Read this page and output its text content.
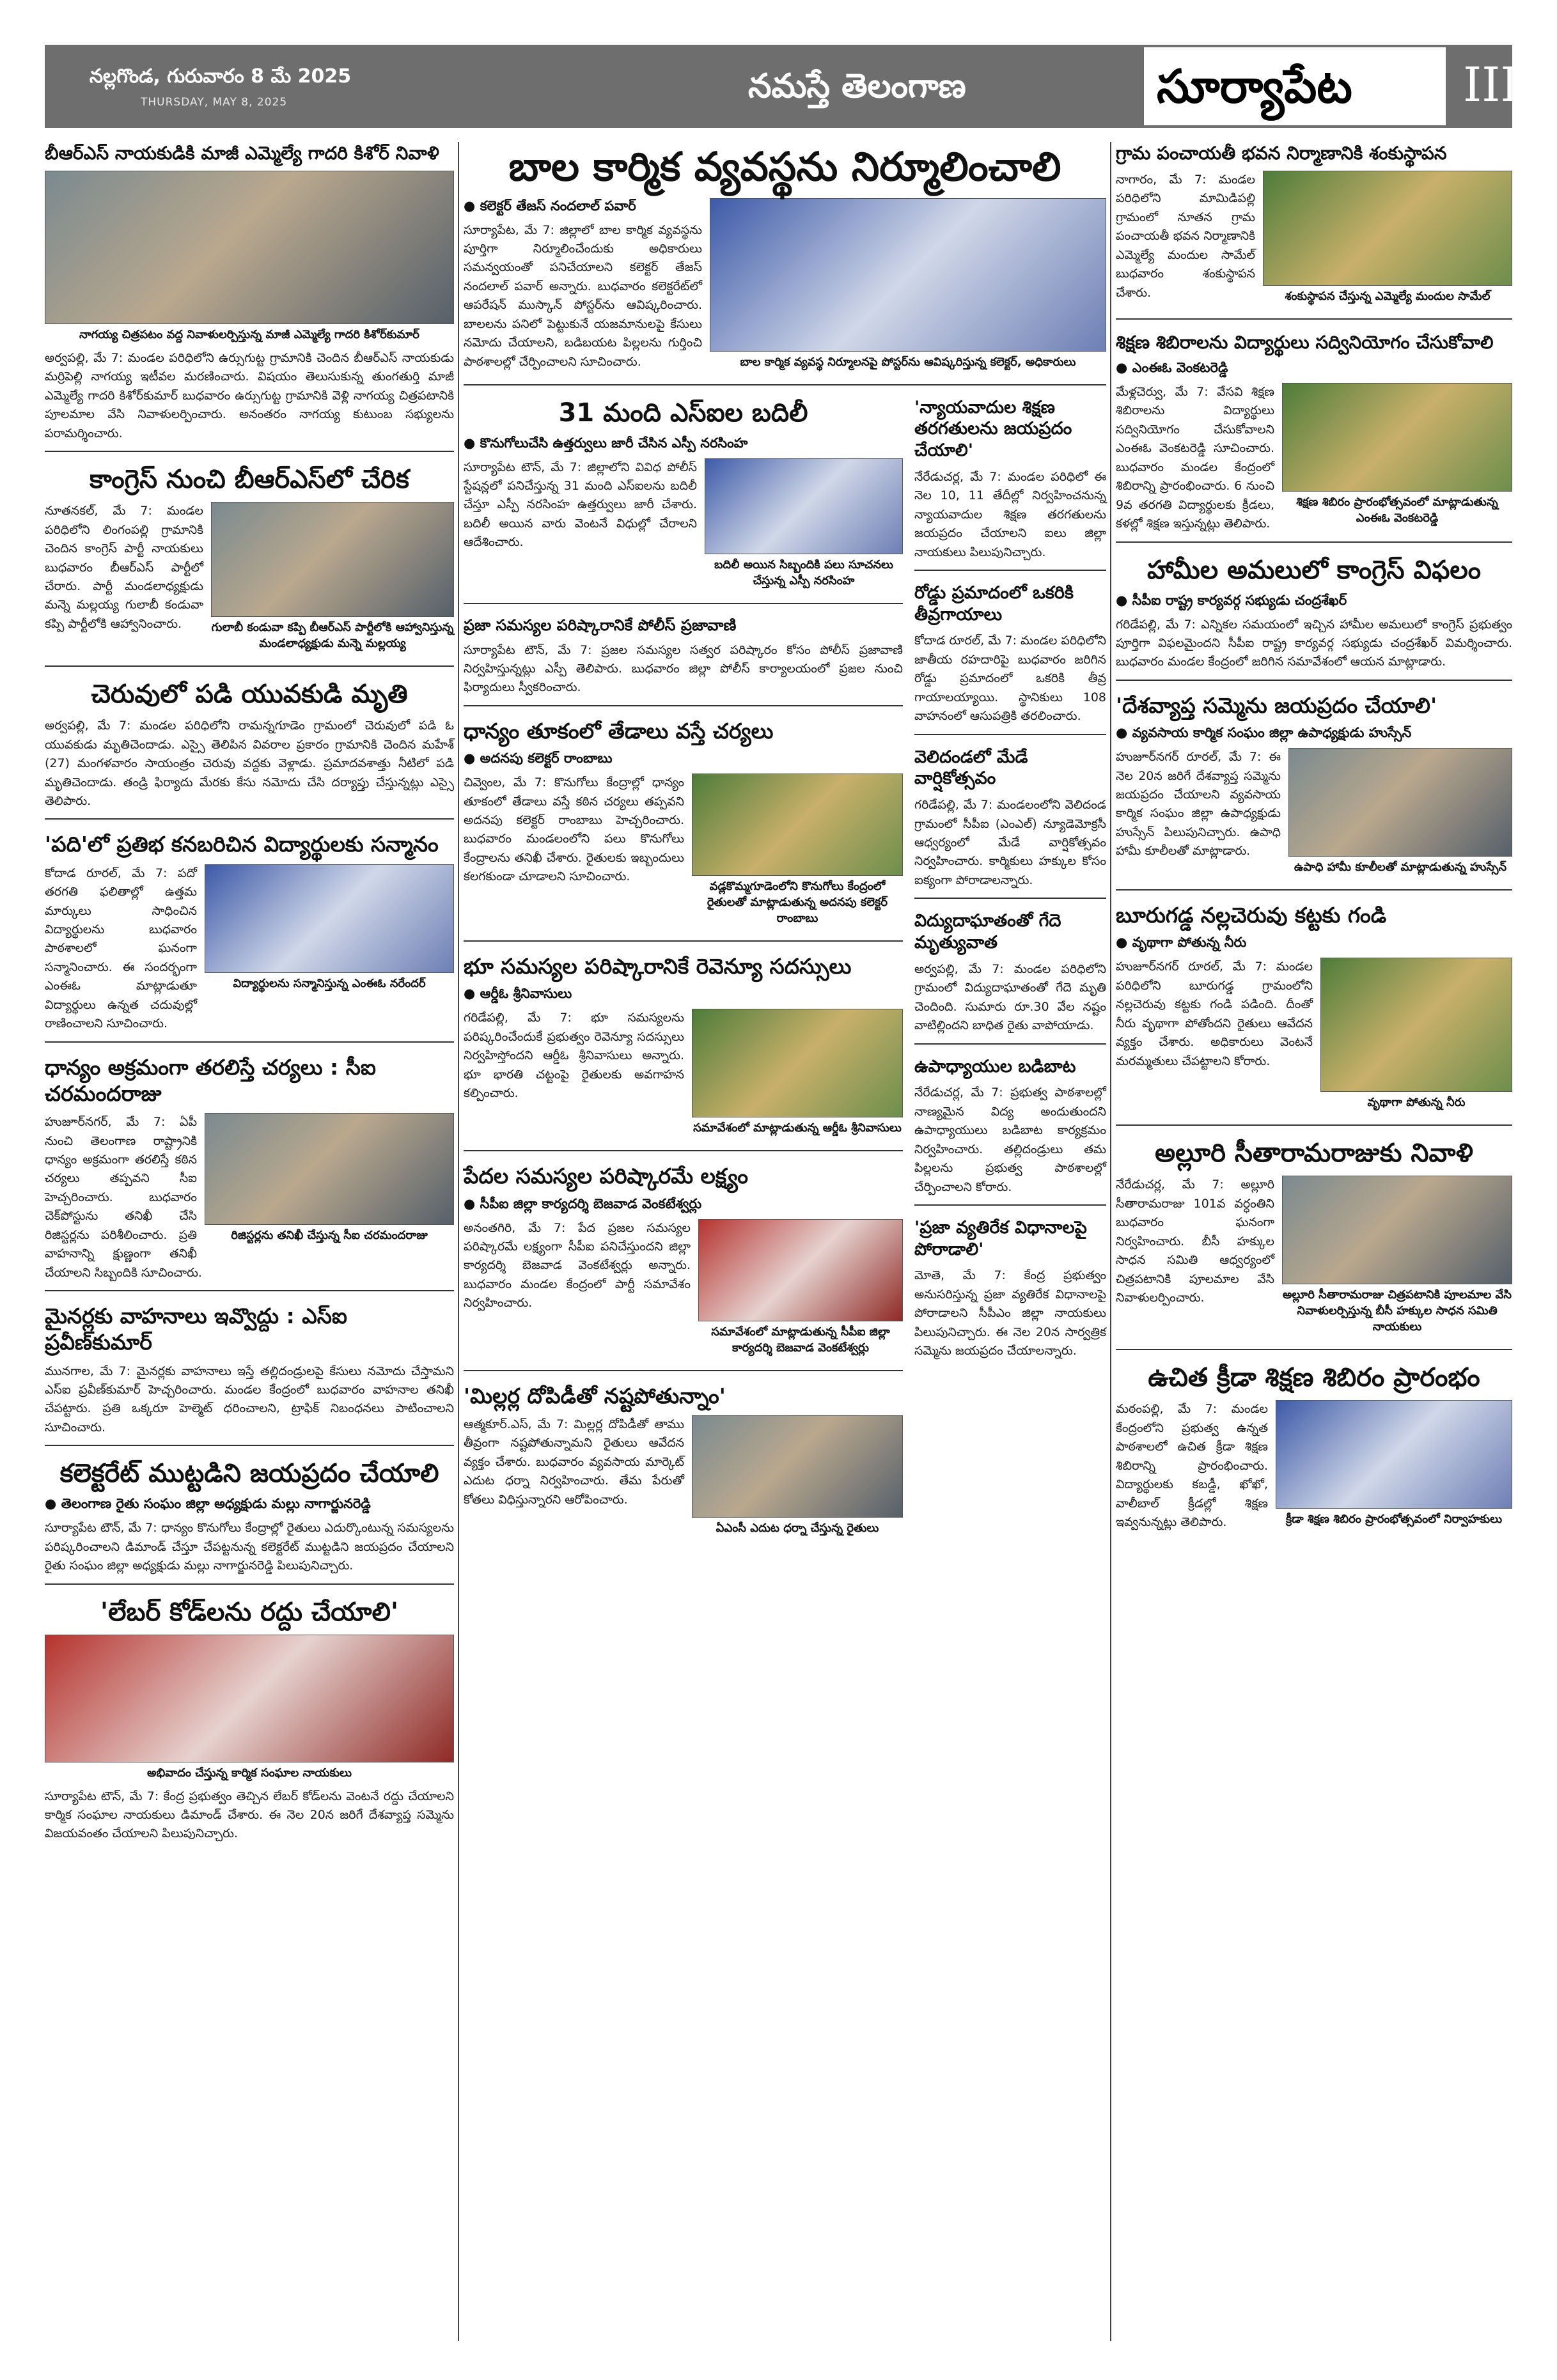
నల్లగొండ, గురువారం 8 మే 2025
THURSDAY, MAY 8, 2025	నమస్తే తెలంగాణ	సూర్యాపేట III
బీఆర్ఎస్ నాయకుడికి మాజీ ఎమ్మెల్యే గాదరి కిశోర్ నివాళి
నాగయ్య చిత్రపటం వద్ద నివాళులర్పిస్తున్న మాజీ ఎమ్మెల్యే గాదరి కిశోర్‌కుమార్
అర్వపల్లి, మే 7: మండల పరిధిలోని ఉర్సుగుట్ట గ్రామానికి చెందిన బీఆర్ఎస్ నాయకుడు మర్రిపెల్లి నాగయ్య ఇటీవల మరణించారు. విషయం తెలుసుకున్న తుంగతుర్తి మాజీ ఎమ్మెల్యే గాదరి కిశోర్‌కుమార్ బుధవారం ఉర్సుగుట్ట గ్రామానికి వెళ్లి నాగయ్య చిత్రపటానికి పూలమాల వేసి నివాళులర్పించారు. అనంతరం నాగయ్య కుటుంబ సభ్యులను పరామర్శించారు.
కాంగ్రెస్ నుంచి బీఆర్ఎస్‌లో చేరిక
గులాబీ కండువా కప్పి బీఆర్ఎస్ పార్టీలోకి ఆహ్వానిస్తున్న మండలాధ్యక్షుడు మన్నె మల్లయ్య
నూతనకల్, మే 7: మండల పరిధిలోని లింగంపల్లి గ్రామానికి చెందిన కాంగ్రెస్ పార్టీ నాయకులు బుధవారం బీఆర్ఎస్ పార్టీలో చేరారు. పార్టీ మండలాధ్యక్షుడు మన్నె మల్లయ్య గులాబీ కండువా కప్పి పార్టీలోకి ఆహ్వానించారు.
చెరువులో పడి యువకుడి మృతి
అర్వపల్లి, మే 7: మండల పరిధిలోని రామన్నగూడెం గ్రామంలో చెరువులో పడి ఓ యువకుడు మృతిచెందాడు. ఎస్సై తెలిపిన వివరాల ప్రకారం గ్రామానికి చెందిన మహేశ్ (27) మంగళవారం సాయంత్రం చెరువు వద్దకు వెళ్లాడు. ప్రమాదవశాత్తు నీటిలో పడి మృతిచెందాడు. తండ్రి ఫిర్యాదు మేరకు కేసు నమోదు చేసి దర్యాప్తు చేస్తున్నట్లు ఎస్సై తెలిపారు.
'పది'లో ప్రతిభ కనబరిచిన విద్యార్థులకు సన్మానం
విద్యార్థులను సన్మానిస్తున్న ఎంఈఓ నరేందర్
కోదాడ రూరల్, మే 7: పదో తరగతి ఫలితాల్లో ఉత్తమ మార్కులు సాధించిన విద్యార్థులను బుధవారం పాఠశాలలో ఘనంగా సన్మానించారు. ఈ సందర్భంగా ఎంఈఓ మాట్లాడుతూ విద్యార్థులు ఉన్నత చదువుల్లో రాణించాలని సూచించారు.
ధాన్యం అక్రమంగా తరలిస్తే చర్యలు : సీఐ చరమందరాజు
రిజిస్టర్లను తనిఖీ చేస్తున్న సీఐ చరమందరాజు
హుజూర్‌నగర్, మే 7: ఏపీ నుంచి తెలంగాణ రాష్ట్రానికి ధాన్యం అక్రమంగా తరలిస్తే కఠిన చర్యలు తప్పవని సీఐ హెచ్చరించారు. బుధవారం చెక్‌పోస్టును తనిఖీ చేసి రిజిస్టర్లను పరిశీలించారు. ప్రతి వాహనాన్ని క్షుణ్ణంగా తనిఖీ చేయాలని సిబ్బందికి సూచించారు.
మైనర్లకు వాహనాలు ఇవ్వొద్దు : ఎస్ఐ ప్రవీణ్‌కుమార్
మునగాల, మే 7: మైనర్లకు వాహనాలు ఇస్తే తల్లిదండ్రులపై కేసులు నమోదు చేస్తామని ఎస్ఐ ప్రవీణ్‌కుమార్ హెచ్చరించారు. మండల కేంద్రంలో బుధవారం వాహనాల తనిఖీ చేపట్టారు. ప్రతి ఒక్కరూ హెల్మెట్ ధరించాలని, ట్రాఫిక్ నిబంధనలు పాటించాలని సూచించారు.
కలెక్టరేట్ ముట్టడిని జయప్రదం చేయాలి
● తెలంగాణ రైతు సంఘం జిల్లా అధ్యక్షుడు మల్లు నాగార్జునరెడ్డి
సూర్యాపేట టౌన్, మే 7: ధాన్యం కొనుగోలు కేంద్రాల్లో రైతులు ఎదుర్కొంటున్న సమస్యలను పరిష్కరించాలని డిమాండ్ చేస్తూ చేపట్టనున్న కలెక్టరేట్ ముట్టడిని జయప్రదం చేయాలని రైతు సంఘం జిల్లా అధ్యక్షుడు మల్లు నాగార్జునరెడ్డి పిలుపునిచ్చారు.
'లేబర్ కోడ్‌లను రద్దు చేయాలి'
అభివాదం చేస్తున్న కార్మిక సంఘాల నాయకులు
సూర్యాపేట టౌన్, మే 7: కేంద్ర ప్రభుత్వం తెచ్చిన లేబర్ కోడ్‌లను వెంటనే రద్దు చేయాలని కార్మిక సంఘాల నాయకులు డిమాండ్ చేశారు. ఈ నెల 20న జరిగే దేశవ్యాప్త సమ్మెను విజయవంతం చేయాలని పిలుపునిచ్చారు.
బాల కార్మిక వ్యవస్థను నిర్మూలించాలి
బాల కార్మిక వ్యవస్థ నిర్మూలనపై పోస్టర్‌ను ఆవిష్కరిస్తున్న కలెక్టర్, అధికారులు
● కలెక్టర్ తేజస్ నందలాల్ పవార్
సూర్యాపేట, మే 7: జిల్లాలో బాల కార్మిక వ్యవస్థను పూర్తిగా నిర్మూలించేందుకు అధికారులు సమన్వయంతో పనిచేయాలని కలెక్టర్ తేజస్ నందలాల్ పవార్ అన్నారు. బుధవారం కలెక్టరేట్‌లో ఆపరేషన్ ముస్కాన్ పోస్టర్‌ను ఆవిష్కరించారు. బాలలను పనిలో పెట్టుకునే యజమానులపై కేసులు నమోదు చేయాలని, బడిబయట పిల్లలను గుర్తించి పాఠశాలల్లో చేర్పించాలని సూచించారు.
31 మంది ఎస్ఐల బదిలీ
● కొనుగోలుచేసి ఉత్తర్వులు జారీ చేసిన ఎస్పీ నరసింహ
బదిలీ అయిన సిబ్బందికి పలు సూచనలు చేస్తున్న ఎస్పీ నరసింహ
సూర్యాపేట టౌన్, మే 7: జిల్లాలోని వివిధ పోలీస్ స్టేషన్లలో పనిచేస్తున్న 31 మంది ఎస్ఐలను బదిలీ చేస్తూ ఎస్పీ నరసింహ ఉత్తర్వులు జారీ చేశారు. బదిలీ అయిన వారు వెంటనే విధుల్లో చేరాలని ఆదేశించారు.
ప్రజా సమస్యల పరిష్కారానికే పోలీస్ ప్రజావాణి
సూర్యాపేట టౌన్, మే 7: ప్రజల సమస్యల సత్వర పరిష్కారం కోసం పోలీస్ ప్రజావాణి నిర్వహిస్తున్నట్లు ఎస్పీ తెలిపారు. బుధవారం జిల్లా పోలీస్ కార్యాలయంలో ప్రజల నుంచి ఫిర్యాదులు స్వీకరించారు.
ధాన్యం తూకంలో తేడాలు వస్తే చర్యలు
● అదనపు కలెక్టర్ రాంబాబు
వడ్లకొమ్మగూడెంలోని కొనుగోలు కేంద్రంలో రైతులతో మాట్లాడుతున్న అదనపు కలెక్టర్ రాంబాబు
చివ్వెంల, మే 7: కొనుగోలు కేంద్రాల్లో ధాన్యం తూకంలో తేడాలు వస్తే కఠిన చర్యలు తప్పవని అదనపు కలెక్టర్ రాంబాబు హెచ్చరించారు. బుధవారం మండలంలోని పలు కొనుగోలు కేంద్రాలను తనిఖీ చేశారు. రైతులకు ఇబ్బందులు కలగకుండా చూడాలని సూచించారు.
భూ సమస్యల పరిష్కారానికే రెవెన్యూ సదస్సులు
● ఆర్డీఓ శ్రీనివాసులు
సమావేశంలో మాట్లాడుతున్న ఆర్డీఓ శ్రీనివాసులు
గరిడేపల్లి, మే 7: భూ సమస్యలను పరిష్కరించేందుకే ప్రభుత్వం రెవెన్యూ సదస్సులు నిర్వహిస్తోందని ఆర్డీఓ శ్రీనివాసులు అన్నారు. భూ భారతి చట్టంపై రైతులకు అవగాహన కల్పించారు.
పేదల సమస్యల పరిష్కారమే లక్ష్యం
● సీపీఐ జిల్లా కార్యదర్శి బెజవాడ వెంకటేశ్వర్లు
సమావేశంలో మాట్లాడుతున్న సీపీఐ జిల్లా కార్యదర్శి బెజవాడ వెంకటేశ్వర్లు
అనంతగిరి, మే 7: పేద ప్రజల సమస్యల పరిష్కారమే లక్ష్యంగా సీపీఐ పనిచేస్తుందని జిల్లా కార్యదర్శి బెజవాడ వెంకటేశ్వర్లు అన్నారు. బుధవారం మండల కేంద్రంలో పార్టీ సమావేశం నిర్వహించారు.
'మిల్లర్ల దోపిడీతో నష్టపోతున్నాం'
ఏఎంసీ ఎదుట ధర్నా చేస్తున్న రైతులు
ఆత్మకూర్.ఎస్, మే 7: మిల్లర్ల దోపిడీతో తాము తీవ్రంగా నష్టపోతున్నామని రైతులు ఆవేదన వ్యక్తం చేశారు. బుధవారం వ్యవసాయ మార్కెట్ ఎదుట ధర్నా నిర్వహించారు. తేమ పేరుతో కోతలు విధిస్తున్నారని ఆరోపించారు.
'న్యాయవాదుల శిక్షణ తరగతులను జయప్రదం చేయాలి'
నేరేడుచర్ల, మే 7: మండల పరిధిలో ఈ నెల 10, 11 తేదీల్లో నిర్వహించనున్న న్యాయవాదుల శిక్షణ తరగతులను జయప్రదం చేయాలని ఐలు జిల్లా నాయకులు పిలుపునిచ్చారు.
రోడ్డు ప్రమాదంలో ఒకరికి తీవ్రగాయాలు
కోదాడ రూరల్, మే 7: మండల పరిధిలోని జాతీయ రహదారిపై బుధవారం జరిగిన రోడ్డు ప్రమాదంలో ఒకరికి తీవ్ర గాయాలయ్యాయి. స్థానికులు 108 వాహనంలో ఆసుపత్రికి తరలించారు.
వెలిదండలో మేడే వార్షికోత్సవం
గరిడేపల్లి, మే 7: మండలంలోని వెలిదండ గ్రామంలో సీపీఐ (ఎంఎల్) న్యూడెమోక్రసీ ఆధ్వర్యంలో మేడే వార్షికోత్సవం నిర్వహించారు. కార్మికులు హక్కుల కోసం ఐక్యంగా పోరాడాలన్నారు.
విద్యుదాఘాతంతో గేదె మృత్యువాత
అర్వపల్లి, మే 7: మండల పరిధిలోని గ్రామంలో విద్యుదాఘాతంతో గేదె మృతి చెందింది. సుమారు రూ.30 వేల నష్టం వాటిల్లిందని బాధిత రైతు వాపోయాడు.
ఉపాధ్యాయుల బడిబాట
నేరేడుచర్ల, మే 7: ప్రభుత్వ పాఠశాలల్లో నాణ్యమైన విద్య అందుతుందని ఉపాధ్యాయులు బడిబాట కార్యక్రమం నిర్వహించారు. తల్లిదండ్రులు తమ పిల్లలను ప్రభుత్వ పాఠశాలల్లో చేర్పించాలని కోరారు.
'ప్రజా వ్యతిరేక విధానాలపై పోరాడాలి'
మోతె, మే 7: కేంద్ర ప్రభుత్వం అనుసరిస్తున్న ప్రజా వ్యతిరేక విధానాలపై పోరాడాలని సీపీఎం జిల్లా నాయకులు పిలుపునిచ్చారు. ఈ నెల 20న సార్వత్రిక సమ్మెను జయప్రదం చేయాలన్నారు.
గ్రామ పంచాయతీ భవన నిర్మాణానికి శంకుస్థాపన
శంకుస్థాపన చేస్తున్న ఎమ్మెల్యే మందుల సామేల్
నాగారం, మే 7: మండల పరిధిలోని మామిడిపల్లి గ్రామంలో నూతన గ్రామ పంచాయతీ భవన నిర్మాణానికి ఎమ్మెల్యే మందుల సామేల్ బుధవారం శంకుస్థాపన చేశారు.
శిక్షణ శిబిరాలను విద్యార్థులు సద్వినియోగం చేసుకోవాలి
● ఎంఈఓ వెంకటరెడ్డి
శిక్షణ శిబిరం ప్రారంభోత్సవంలో మాట్లాడుతున్న ఎంఈఓ వెంకటరెడ్డి
మేళ్లచెర్వు, మే 7: వేసవి శిక్షణ శిబిరాలను విద్యార్థులు సద్వినియోగం చేసుకోవాలని ఎంఈఓ వెంకటరెడ్డి సూచించారు. బుధవారం మండల కేంద్రంలో శిబిరాన్ని ప్రారంభించారు. 6 నుంచి 9వ తరగతి విద్యార్థులకు క్రీడలు, కళల్లో శిక్షణ ఇస్తున్నట్లు తెలిపారు.
హామీల అమలులో కాంగ్రెస్ విఫలం
● సీపీఐ రాష్ట్ర కార్యవర్గ సభ్యుడు చంద్రశేఖర్
గరిడేపల్లి, మే 7: ఎన్నికల సమయంలో ఇచ్చిన హామీల అమలులో కాంగ్రెస్ ప్రభుత్వం పూర్తిగా విఫలమైందని సీపీఐ రాష్ట్ర కార్యవర్గ సభ్యుడు చంద్రశేఖర్ విమర్శించారు. బుధవారం మండల కేంద్రంలో జరిగిన సమావేశంలో ఆయన మాట్లాడారు.
'దేశవ్యాప్త సమ్మెను జయప్రదం చేయాలి'
● వ్యవసాయ కార్మిక సంఘం జిల్లా ఉపాధ్యక్షుడు హుస్సేన్
ఉపాధి హామీ కూలీలతో మాట్లాడుతున్న హుస్సేన్
హుజూర్‌నగర్ రూరల్, మే 7: ఈ నెల 20న జరిగే దేశవ్యాప్త సమ్మెను జయప్రదం చేయాలని వ్యవసాయ కార్మిక సంఘం జిల్లా ఉపాధ్యక్షుడు హుస్సేన్ పిలుపునిచ్చారు. ఉపాధి హామీ కూలీలతో మాట్లాడారు.
బూరుగడ్డ నల్లచెరువు కట్టకు గండి
● వృథాగా పోతున్న నీరు
వృథాగా పోతున్న నీరు
హుజూర్‌నగర్ రూరల్, మే 7: మండల పరిధిలోని బూరుగడ్డ గ్రామంలోని నల్లచెరువు కట్టకు గండి పడింది. దీంతో నీరు వృథాగా పోతోందని రైతులు ఆవేదన వ్యక్తం చేశారు. అధికారులు వెంటనే మరమ్మతులు చేపట్టాలని కోరారు.
అల్లూరి సీతారామరాజుకు నివాళి
అల్లూరి సీతారామరాజు చిత్రపటానికి పూలమాల వేసి నివాళులర్పిస్తున్న బీసీ హక్కుల సాధన సమితి నాయకులు
నేరేడుచర్ల, మే 7: అల్లూరి సీతారామరాజు 101వ వర్ధంతిని బుధవారం ఘనంగా నిర్వహించారు. బీసీ హక్కుల సాధన సమితి ఆధ్వర్యంలో చిత్రపటానికి పూలమాల వేసి నివాళులర్పించారు.
ఉచిత క్రీడా శిక్షణ శిబిరం ప్రారంభం
క్రీడా శిక్షణ శిబిరం ప్రారంభోత్సవంలో నిర్వాహకులు
మఠంపల్లి, మే 7: మండల కేంద్రంలోని ప్రభుత్వ ఉన్నత పాఠశాలలో ఉచిత క్రీడా శిక్షణ శిబిరాన్ని ప్రారంభించారు. విద్యార్థులకు కబడ్డీ, ఖోఖో, వాలీబాల్ క్రీడల్లో శిక్షణ ఇవ్వనున్నట్లు తెలిపారు.
